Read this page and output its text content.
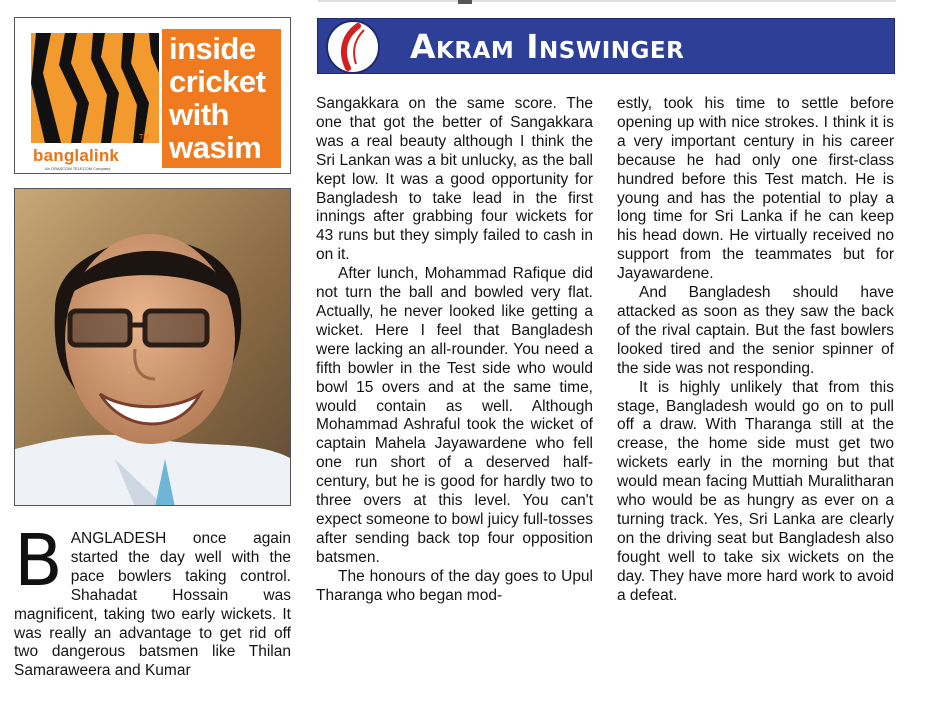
Akram Inswinger
banglalink
TM
An ORASCOM TELECOM Company
inside
cricket
with
wasim

BANGLADESH once again started the day well with the pace bowlers taking control. Shahadat Hossain was magnificent, taking two early wickets. It was really an advantage to get rid off two dangerous batsmen like Thilan Samaraweera and Kumar

Sangakkara on the same score. The one that got the better of Sangakkara was a real beauty although I think the Sri Lankan was a bit unlucky, as the ball kept low. It was a good opportunity for Bangladesh to take lead in the first innings after grabbing four wickets for 43 runs but they simply failed to cash in on it.

After lunch, Mohammad Rafique did not turn the ball and bowled very flat. Actually, he never looked like getting a wicket. Here I feel that Bangladesh were lacking an all-rounder. You need a fifth bowler in the Test side who would bowl 15 overs and at the same time, would contain as well. Although Mohammad Ashraful took the wicket of captain Mahela Jayawardene who fell one run short of a deserved half-century, but he is good for hardly two to three overs at this level. You can't expect someone to bowl juicy full-tosses after sending back top four opposition batsmen.

The honours of the day goes to Upul Tharanga who began mod-

estly, took his time to settle before opening up with nice strokes. I think it is a very important century in his career because he had only one first-class hundred before this Test match. He is young and has the potential to play a long time for Sri Lanka if he can keep his head down. He virtually received no support from the teammates but for Jayawardene.

And Bangladesh should have attacked as soon as they saw the back of the rival captain. But the fast bowlers looked tired and the senior spinner of the side was not responding.

It is highly unlikely that from this stage, Bangladesh would go on to pull off a draw. With Tharanga still at the crease, the home side must get two wickets early in the morning but that would mean facing Muttiah Muralitharan who would be as hungry as ever on a turning track. Yes, Sri Lanka are clearly on the driving seat but Bangladesh also fought well to take six wickets on the day. They have more hard work to avoid a defeat.
